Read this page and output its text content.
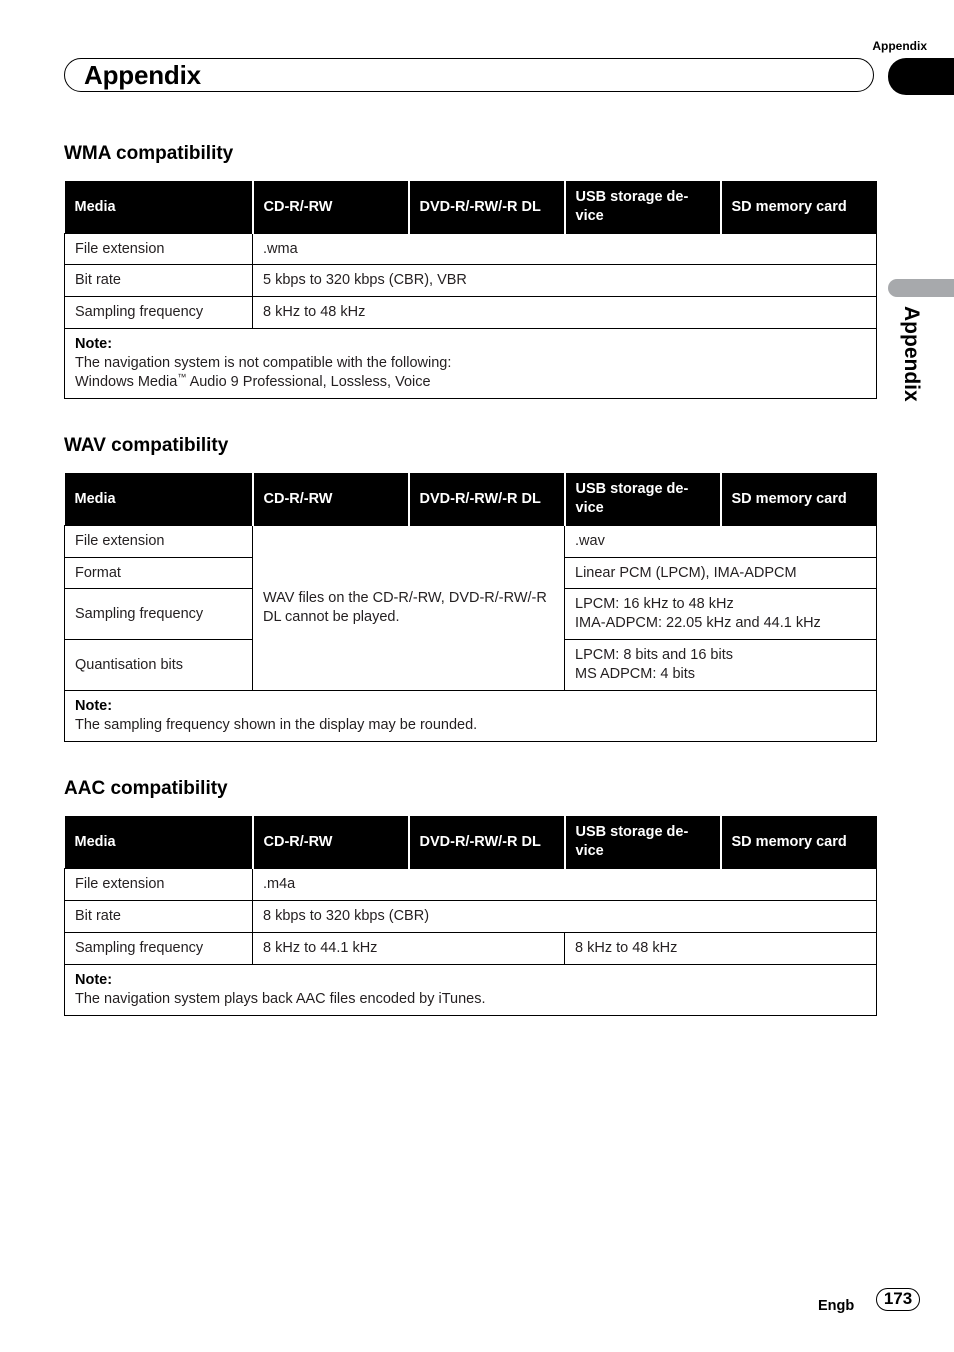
Appendix
Appendix
Appendix
WMA compatibility
Media	CD-R/-RW	DVD-R/-RW/-R DL	USB storage de-vice	SD memory card
File extension	.wma			
Bit rate	5 kbps to 320 kbps (CBR), VBR			
Sampling frequency	8 kHz to 48 kHz			

Note:
The navigation system is not compatible with the following:
Windows Media™ Audio 9 Professional, Lossless, Voice				
WAV compatibility
Media	CD-R/-RW	DVD-R/-RW/-R DL	USB storage de-vice	SD memory card
File extension	WAV files on the CD-R/-RW, DVD-R/-RW/-R DL cannot be played.		.wav	
Format			Linear PCM (LPCM), IMA-ADPCM	
Sampling frequency			LPCM: 16 kHz to 48 kHz
IMA-ADPCM: 22.05 kHz and 44.1 kHz	
Quantisation bits			LPCM: 8 bits and 16 bits
MS ADPCM: 4 bits	

Note:
The sampling frequency shown in the display may be rounded.				
AAC compatibility
Media	CD-R/-RW	DVD-R/-RW/-R DL	USB storage de-vice	SD memory card
File extension	.m4a			
Bit rate	8 kbps to 320 kbps (CBR)			
Sampling frequency	8 kHz to 44.1 kHz		8 kHz to 48 kHz	

Note:
The navigation system plays back AAC files encoded by iTunes.				
Engb	173
